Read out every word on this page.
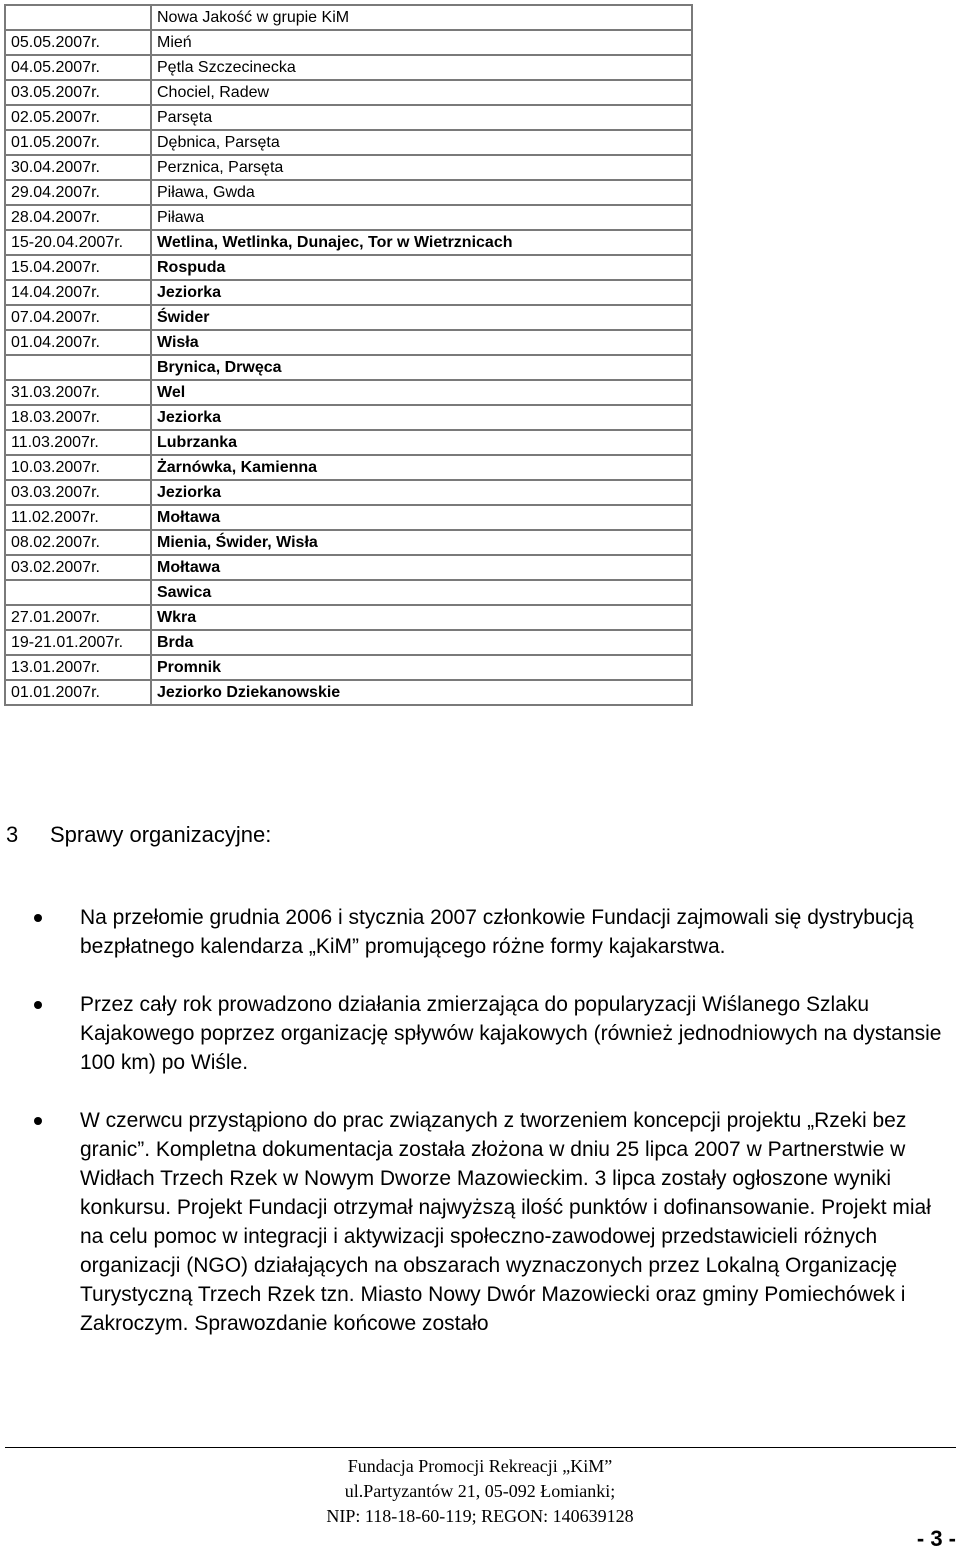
	Nowa Jakość w grupie KiM
05.05.2007r.	Mień
04.05.2007r.	Pętla Szczecinecka
03.05.2007r.	Chociel, Radew
02.05.2007r.	Parsęta
01.05.2007r.	Dębnica, Parsęta
30.04.2007r.	Perznica, Parsęta
29.04.2007r.	Piława, Gwda
28.04.2007r.	Piława
15-20.04.2007r.	Wetlina, Wetlinka, Dunajec, Tor w Wietrznicach
15.04.2007r.	Rospuda
14.04.2007r.	Jeziorka
07.04.2007r.	Świder
01.04.2007r.	Wisła
	Brynica, Drwęca
31.03.2007r.	Wel
18.03.2007r.	Jeziorka
11.03.2007r.	Lubrzanka
10.03.2007r.	Żarnówka, Kamienna
03.03.2007r.	Jeziorka
11.02.2007r.	Mołtawa
08.02.2007r.	Mienia, Świder, Wisła
03.02.2007r.	Mołtawa
	Sawica
27.01.2007r.	Wkra
19-21.01.2007r.	Brda
13.01.2007r.	Promnik
01.01.2007r.	Jeziorko Dziekanowskie
3 Sprawy organizacyjne:
Na przełomie grudnia 2006 i stycznia 2007 członkowie Fundacji zajmowali się dystrybucją bezpłatnego kalendarza „KiM” promującego różne formy kajakarstwa.
Przez cały rok prowadzono działania zmierzająca do popularyzacji Wiślanego Szlaku Kajakowego poprzez organizację spływów kajakowych (również jednodniowych na dystansie 100 km) po Wiśle.
W czerwcu przystąpiono do prac związanych z tworzeniem koncepcji projektu „Rzeki bez granic”. Kompletna dokumentacja została złożona w dniu 25 lipca 2007 w Partnerstwie w Widłach Trzech Rzek w Nowym Dworze Mazowieckim. 3 lipca zostały ogłoszone wyniki konkursu. Projekt Fundacji otrzymał najwyższą ilość punktów i dofinansowanie. Projekt miał na celu pomoc w integracji i aktywizacji społeczno-zawodowej przedstawicieli różnych organizacji (NGO) działających na obszarach wyznaczonych przez Lokalną Organizację Turystyczną Trzech Rzek tzn. Miasto Nowy Dwór Mazowiecki oraz gminy Pomiechówek i Zakroczym. Sprawozdanie końcowe zostało
Fundacja Promocji Rekreacji „KiM”
ul.Partyzantów 21, 05-092 Łomianki;
NIP: 118-18-60-119; REGON: 140639128
- 3 -
